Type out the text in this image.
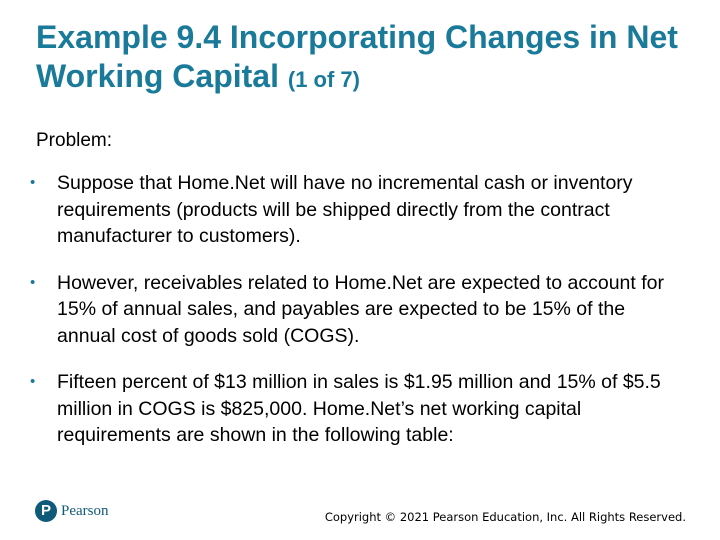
Example 9.4 Incorporating Changes in Net Working Capital (1 of 7)

Problem:

•	Suppose that Home.Net will have no incremental cash or inventory requirements (products will be shipped directly from the contract manufacturer to customers).
•	However, receivables related to Home.Net are expected to account for 15% of annual sales, and payables are expected to be 15% of the annual cost of goods sold (COGS).
•	Fifteen percent of $13 million in sales is $1.95 million and 15% of $5.5 million in COGS is $825,000. Home.Net’s net working capital requirements are shown in the following table:
P Pearson	Copyright © 2021 Pearson Education, Inc. All Rights Reserved.
